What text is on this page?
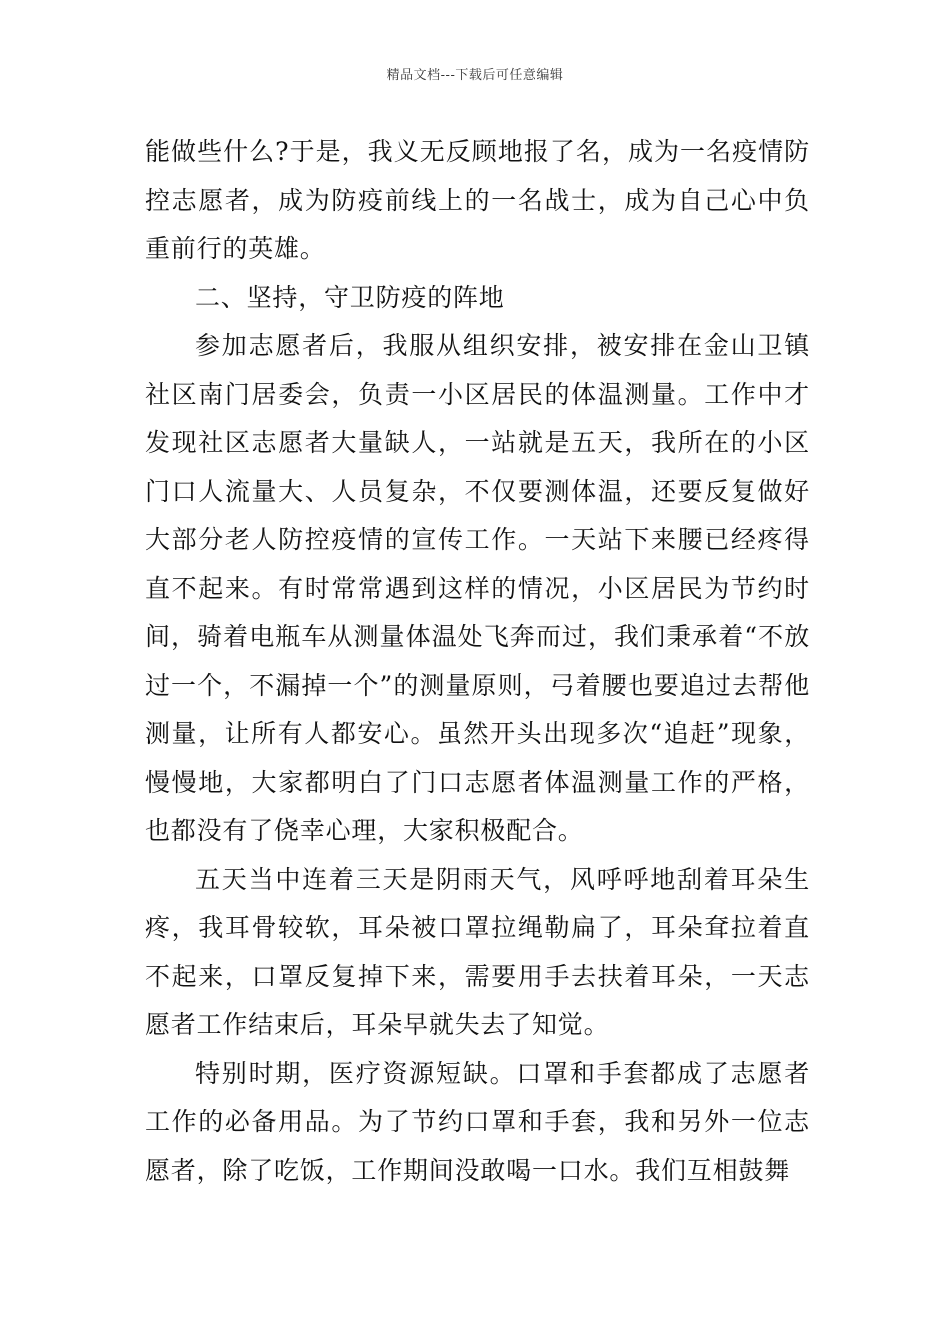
精品文档---下载后可任意编辑

能做些什么?于是，我义无反顾地报了名，成为一名疫情防控志愿者，成为防疫前线上的一名战士，成为自己心中负重前行的英雄。

二、坚持，守卫防疫的阵地

参加志愿者后，我服从组织安排，被安排在金山卫镇社区南门居委会，负责一小区居民的体温测量。工作中才发现社区志愿者大量缺人，一站就是五天，我所在的小区门口人流量大、人员复杂，不仅要测体温，还要反复做好大部分老人防控疫情的宣传工作。一天站下来腰已经疼得直不起来。有时常常遇到这样的情况，小区居民为节约时间，骑着电瓶车从测量体温处飞奔而过，我们秉承着“不放过一个，不漏掉一个”的测量原则，弓着腰也要追过去帮他测量，让所有人都安心。虽然开头出现多次“追赶”现象，慢慢地，大家都明白了门口志愿者体温测量工作的严格，也都没有了侥幸心理，大家积极配合。

五天当中连着三天是阴雨天气，风呼呼地刮着耳朵生疼，我耳骨较软，耳朵被口罩拉绳勒扁了，耳朵耷拉着直不起来，口罩反复掉下来，需要用手去扶着耳朵，一天志愿者工作结束后，耳朵早就失去了知觉。

特别时期，医疗资源短缺。口罩和手套都成了志愿者工作的必备用品。为了节约口罩和手套，我和另外一位志愿者，除了吃饭，工作期间没敢喝一口水。我们互相鼓舞
